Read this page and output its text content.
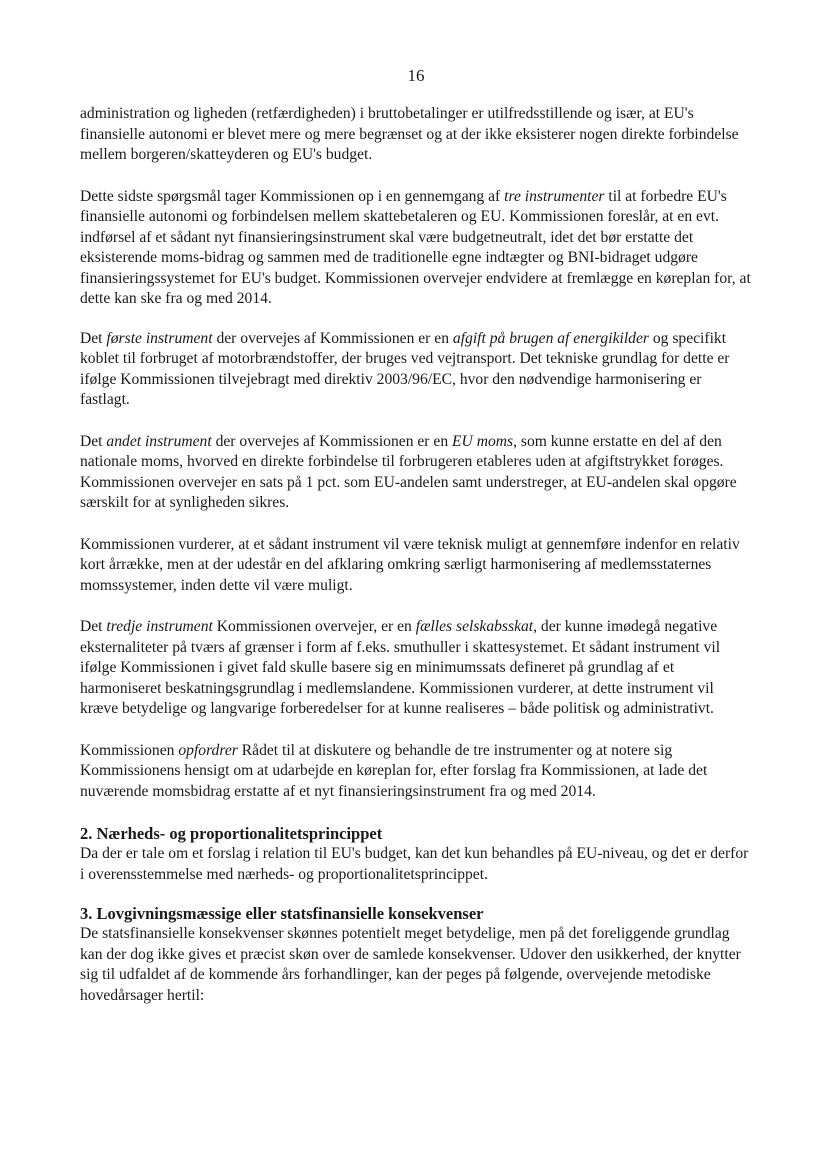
16

administration og ligheden (retfærdigheden) i bruttobetalinger er utilfredsstillende og især, at EU's finansielle autonomi er blevet mere og mere begrænset og at der ikke eksisterer nogen direkte forbindelse mellem borgeren/skatteyderen og EU's budget.

Dette sidste spørgsmål tager Kommissionen op i en gennemgang af tre instrumenter til at forbedre EU's finansielle autonomi og forbindelsen mellem skattebetaleren og EU. Kommissionen foreslår, at en evt. indførsel af et sådant nyt finansieringsinstrument skal være budgetneutralt, idet det bør erstatte det eksisterende moms-bidrag og sammen med de traditionelle egne indtægter og BNI-bidraget udgøre finansieringssystemet for EU's budget. Kommissionen overvejer endvidere at fremlægge en køreplan for, at dette kan ske fra og med 2014.

Det første instrument der overvejes af Kommissionen er en afgift på brugen af energikilder og specifikt koblet til forbruget af motorbrændstoffer, der bruges ved vejtransport. Det tekniske grundlag for dette er ifølge Kommissionen tilvejebragt med direktiv 2003/96/EC, hvor den nødvendige harmonisering er fastlagt.

Det andet instrument der overvejes af Kommissionen er en EU moms, som kunne erstatte en del af den nationale moms, hvorved en direkte forbindelse til forbrugeren etableres uden at afgiftstrykket forøges. Kommissionen overvejer en sats på 1 pct. som EU-andelen samt understreger, at EU-andelen skal opgøre særskilt for at synligheden sikres.

Kommissionen vurderer, at et sådant instrument vil være teknisk muligt at gennemføre indenfor en relativ kort årrække, men at der udestår en del afklaring omkring særligt harmonisering af medlemsstaternes momssystemer, inden dette vil være muligt.

Det tredje instrument Kommissionen overvejer, er en fælles selskabsskat, der kunne imødegå negative eksternaliteter på tværs af grænser i form af f.eks. smuthuller i skattesystemet. Et sådant instrument vil ifølge Kommissionen i givet fald skulle basere sig en minimumssats defineret på grundlag af et harmoniseret beskatningsgrundlag i medlemslandene. Kommissionen vurderer, at dette instrument vil kræve betydelige og langvarige forberedelser for at kunne realiseres – både politisk og administrativt.

Kommissionen opfordrer Rådet til at diskutere og behandle de tre instrumenter og at notere sig Kommissionens hensigt om at udarbejde en køreplan for, efter forslag fra Kommissionen, at lade det nuværende momsbidrag erstatte af et nyt finansieringsinstrument fra og med 2014.

2. Nærheds- og proportionalitetsprincippet

Da der er tale om et forslag i relation til EU's budget, kan det kun behandles på EU-niveau, og det er derfor i overensstemmelse med nærheds- og proportionalitetsprincippet.

3. Lovgivningsmæssige eller statsfinansielle konsekvenser

De statsfinansielle konsekvenser skønnes potentielt meget betydelige, men på det foreliggende grundlag kan der dog ikke gives et præcist skøn over de samlede konsekvenser. Udover den usikkerhed, der knytter sig til udfaldet af de kommende års forhandlinger, kan der peges på følgende, overvejende metodiske hovedårsager hertil:
